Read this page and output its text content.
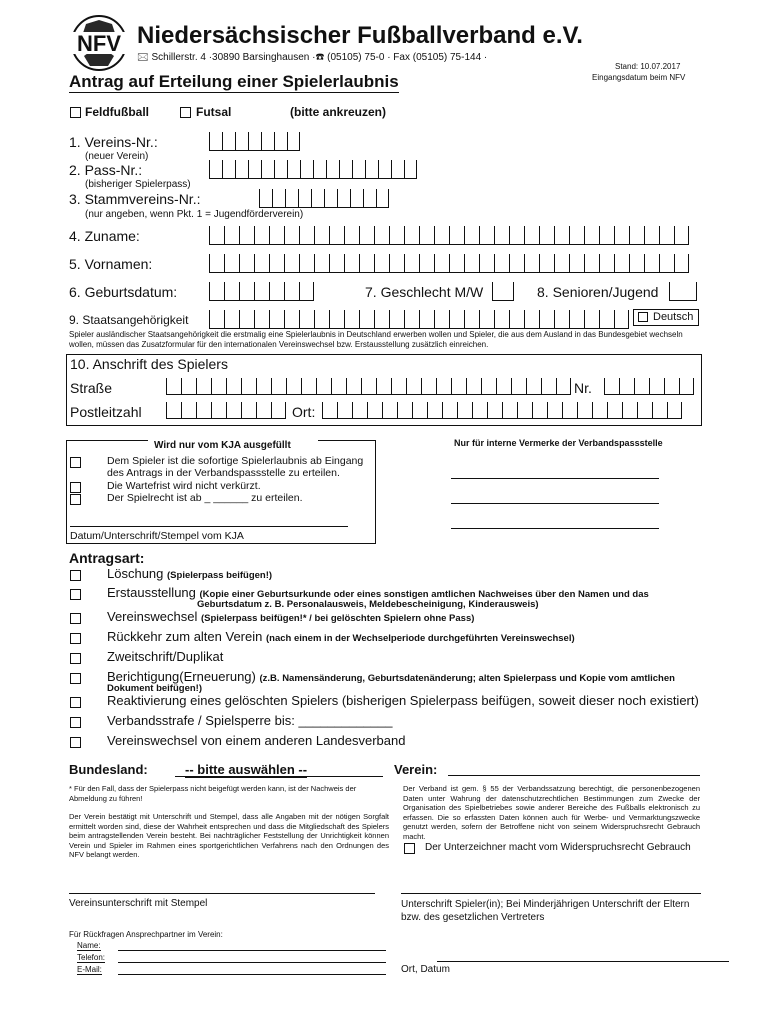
NFV Niedersächsischer Fußballverband e.V.
🖂 Schillerstr. 4 ·30890 Barsinghausen ·☎ (05105) 75-0 · Fax (05105) 75-144 ·
Stand: 10.07.2017
Eingangsdatum beim NFV
Antrag auf Erteilung einer Spielerlaubnis
Feldfußball	Futsal	(bitte ankreuzen)
1. Vereins-Nr.:
(neuer Verein)
2. Pass-Nr.:
(bisheriger Spielerpass)
3. Stammvereins-Nr.:
(nur angeben, wenn Pkt. 1 = Jugendförderverein)
4. Zuname:
5. Vornamen:
6. Geburtsdatum:	7. Geschlecht M/W	8. Senioren/Jugend
9. Staatsangehörigkeit	Deutsch
Spieler ausländischer Staatsangehörigkeit die erstmalig eine Spielerlaubnis in Deutschland erwerben wollen und Spieler, die aus dem Ausland in das Bundesgebiet wechseln wollen, müssen das Zusatzformular für den internationalen Vereinswechsel bzw. Erstausstellung zusätzlich einreichen.
10. Anschrift des Spielers
Straße	Nr.
Postleitzahl	Ort:
Wird nur vom KJA ausgefüllt
Dem Spieler ist die sofortige Spielerlaubnis ab Eingang des Antrags in der Verbandspassstelle zu erteilen.
Die Wartefrist wird nicht verkürzt.
Der Spielrecht ist ab _ ______ zu erteilen.
Datum/Unterschrift/Stempel vom KJA
Nur für interne Vermerke der Verbandspassstelle
Antragsart:
Löschung (Spielerpass beifügen!)
Erstausstellung (Kopie einer Geburtsurkunde oder eines sonstigen amtlichen Nachweises über den Namen und das
Geburtsdatum z. B. Personalausweis, Meldebescheinigung, Kinderausweis)
Vereinswechsel (Spielerpass beifügen!* / bei gelöschten Spielern ohne Pass)
Rückkehr zum alten Verein (nach einem in der Wechselperiode durchgeführten Vereinswechsel)
Zweitschrift/Duplikat
Berichtigung(Erneuerung) (z.B. Namensänderung, Geburtsdatenänderung; alten Spielerpass und Kopie vom amtlichen
Dokument beifügen!)
Reaktivierung eines gelöschten Spielers (bisherigen Spielerpass beifügen, soweit dieser noch existiert)
Verbandsstrafe / Spielsperre bis: _____________
Vereinswechsel von einem anderen Landesverband
Bundesland:	-- bitte auswählen --	Verein:
* Für den Fall, dass der Spielerpass nicht beigefügt werden kann, ist der Nachweis der Abmeldung zu führen!
Der Verein bestätigt mit Unterschrift und Stempel, dass alle Angaben mit der nötigen Sorgfalt ermittelt worden sind, diese der Wahrheit entsprechen und dass die Mitgliedschaft des Spielers beim antragstellenden Verein besteht. Bei nachträglicher Feststellung der Unrichtigkeit können Verein und Spieler im Rahmen eines sportgerichtlichen Verfahrens nach den Ordnungen des NFV belangt werden.
Der Verband ist gem. § 55 der Verbandssatzung berechtigt, die personenbezogenen Daten unter Wahrung der datenschutzrechtlichen Bestimmungen zum Zwecke der Organisation des Spielbetriebes sowie anderer Bereiche des Fußballs elektronisch zu erfassen. Die so erfassten Daten können auch für Werbe- und Vermarktungszwecke genutzt werden, sofern der Betroffene nicht von seinem Widerspruchsrecht Gebrauch macht.
Der Unterzeichner macht vom Widerspruchsrecht Gebrauch
Vereinsunterschrift mit Stempel	Unterschrift Spieler(in); Bei Minderjährigen Unterschrift der Eltern bzw. des gesetzlichen Vertreters
Für Rückfragen Ansprechpartner im Verein:
Name:
Telefon:
E-Mail:	Ort, Datum
